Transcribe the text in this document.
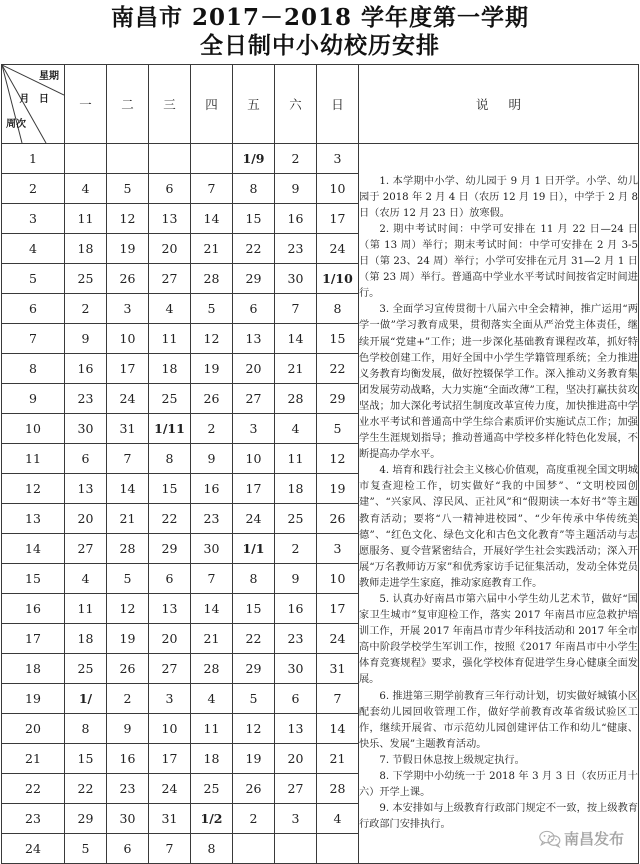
南昌市 2017－2018 学年度第一学期
全日制中小幼校历安排
星期
月 日
周次	一	二	三	四	五	六	日	说 明
1					1/9	2	3	

1. 本学期中小学、幼儿园于 9 月 1 日开学。小学、幼儿园于 2018 年 2 月 4 日（农历 12 月 19 日），中学于 2 月 8 日（农历 12 月 23 日）放寒假。

2. 期中考试时间：中学可安排在 11 月 22 日—24 日（第 13 周）举行；期末考试时间：中学可安排在 2 月 3-5 日（第 23、24 周）举行；小学可安排在元月 31—2 月 1 日（第 23 周）举行。普通高中学业水平考试时间按省定时间进行。

3. 全面学习宣传贯彻十八届六中全会精神，推广运用“两学一做”学习教育成果，贯彻落实全面从严治党主体责任，继续开展“党建+”工作；进一步深化基础教育课程改革，抓好特色学校创建工作，用好全国中小学生学籍管理系统；全力推进义务教育均衡发展，做好控辍保学工作。深入推动义务教育集团发展劳动战略，大力实施“全面改薄”工程，坚决打赢扶贫攻坚战；加大深化考试招生制度改革宣传力度，加快推进高中学业水平考试和普通高中学生综合素质评价实施试点工作；加强学生生涯规划指导；推动普通高中学校多样化特色化发展，不断提高办学水平。

4. 培育和践行社会主义核心价值观，高度重视全国文明城市复查迎检工作，切实做好“我的中国梦”、“文明校园创建”、“兴家风、淳民风、正社风”和“假期读一本好书”等主题教育活动；要将“八一精神进校园”、“少年传承中华传统美德”、“红色文化、绿色文化和古色文化教育”等主题活动与志愿服务、夏令营紧密结合，开展好学生社会实践活动；深入开展“万名教师访万家”和优秀家访手记征集活动，发动全体党员教师走进学生家庭，推动家庭教育工作。

5. 认真办好南昌市第六届中小学生幼儿艺术节，做好“国家卫生城市”复审迎检工作，落实 2017 年南昌市应急救护培训工作，开展 2017 年南昌市青少年科技活动和 2017 年全市高中阶段学校学生军训工作，按照《2017 年南昌市中小学生体育竞赛规程》要求，强化学校体育促进学生身心健康全面发展。

6. 推进第三期学前教育三年行动计划，切实做好城镇小区配套幼儿园回收管理工作，做好学前教育改革省级试验区工作，继续开展省、市示范幼儿园创建评估工作和幼儿“健康、快乐、发展”主题教育活动。

7. 节假日休息按上级规定执行。

8. 下学期中小幼统一于 2018 年 3 月 3 日（农历正月十六）开学上课。

9. 本安排如与上级教育行政部门规定不一致，按上级教育行政部门安排执行。

2	4	5	6	7	8	9	10	
3	11	12	13	14	15	16	17	
4	18	19	20	21	22	23	24	
5	25	26	27	28	29	30	1/10	
6	2	3	4	5	6	7	8	
7	9	10	11	12	13	14	15	
8	16	17	18	19	20	21	22	
9	23	24	25	26	27	28	29	
10	30	31	1/11	2	3	4	5	
11	6	7	8	9	10	11	12	
12	13	14	15	16	17	18	19	
13	20	21	22	23	24	25	26	
14	27	28	29	30	1/1	2	3	
15	4	5	6	7	8	9	10	
16	11	12	13	14	15	16	17	
17	18	19	20	21	22	23	24	
18	25	26	27	28	29	30	31	
19	1/	2	3	4	5	6	7	
20	8	9	10	11	12	13	14	
21	15	16	17	18	19	20	21	
22	22	23	24	25	26	27	28	
23	29	30	31	1/2	2	3	4	
24	5	6	7	8				
南昌发布
